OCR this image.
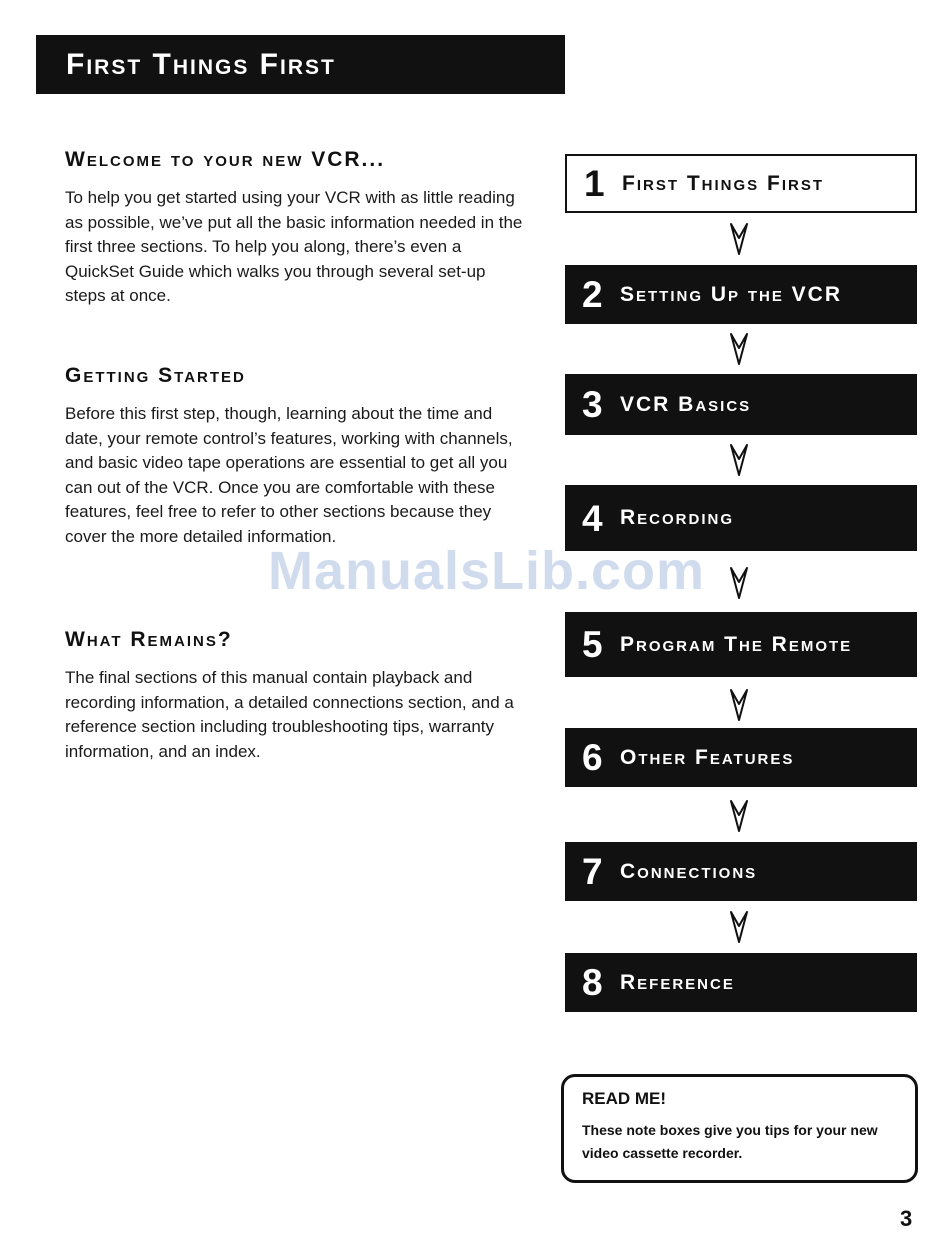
First Things First
Welcome to your new VCR...

To help you get started using your VCR with as little reading as possible, we’ve put all the basic information needed in the first three sections. To help you along, there’s even a QuickSet Guide which walks you through several set-up steps at once.

Getting Started

Before this first step, though, learning about the time and date, your remote control’s features, working with channels, and basic video tape operations are essential to get all you can out of the VCR. Once you are comfortable with these features, feel free to refer to other sections because they cover the more detailed information.

What Remains?

The final sections of this manual contain playback and recording information, a detailed connections section, and a reference section including troubleshooting tips, warranty information, and an index.

1 First Things First
2 Setting Up the VCR
3 VCR Basics
4 Recording
5 Program The Remote
6 Other Features
7 Connections
8 Reference
READ ME!
These note boxes give you tips for your new video cassette recorder.
ManualsLib.com
3
